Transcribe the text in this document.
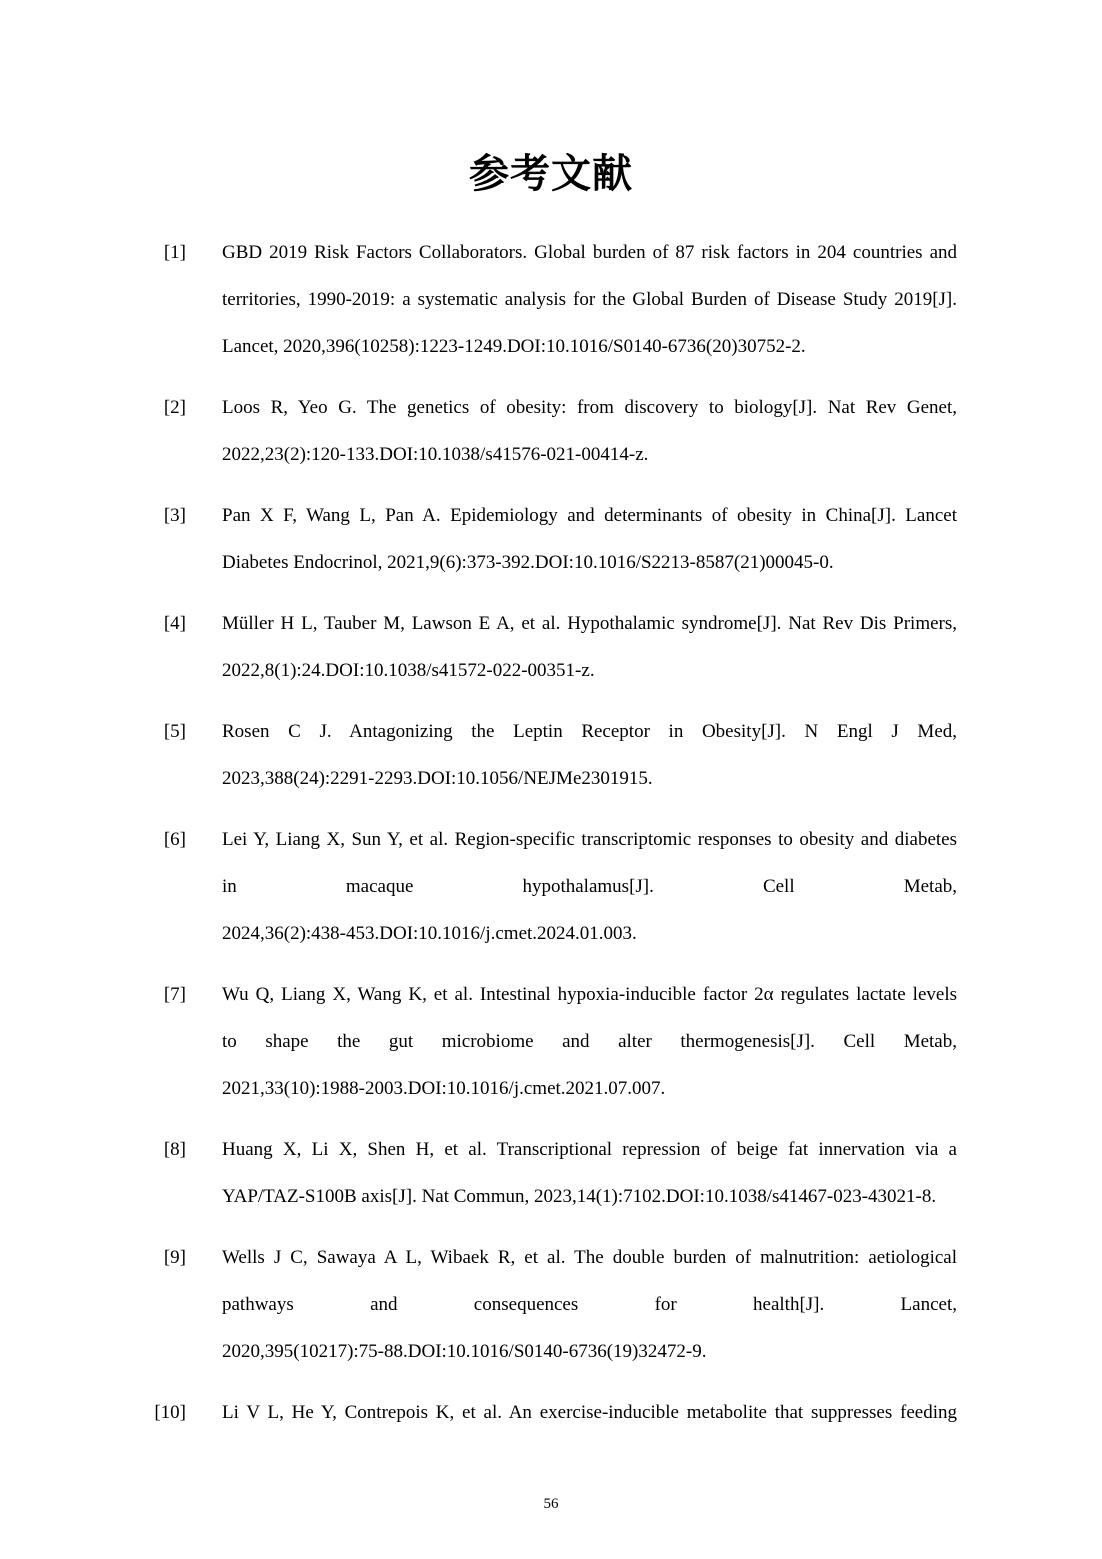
参考文献
[1] GBD 2019 Risk Factors Collaborators. Global burden of 87 risk factors in 204 countries and
territories, 1990-2019: a systematic analysis for the Global Burden of Disease Study 2019[J].
Lancet, 2020,396(10258):1223-1249.DOI:10.1016/S0140-6736(20)30752-2.
[2] Loos R, Yeo G. The genetics of obesity: from discovery to biology[J]. Nat Rev Genet,
2022,23(2):120-133.DOI:10.1038/s41576-021-00414-z.
[3] Pan X F, Wang L, Pan A. Epidemiology and determinants of obesity in China[J]. Lancet
Diabetes Endocrinol, 2021,9(6):373-392.DOI:10.1016/S2213-8587(21)00045-0.
[4] Müller H L, Tauber M, Lawson E A, et al. Hypothalamic syndrome[J]. Nat Rev Dis Primers,
2022,8(1):24.DOI:10.1038/s41572-022-00351-z.
[5] Rosen C J. Antagonizing the Leptin Receptor in Obesity[J]. N Engl J Med,
2023,388(24):2291-2293.DOI:10.1056/NEJMe2301915.
[6] Lei Y, Liang X, Sun Y, et al. Region-specific transcriptomic responses to obesity and diabetes
in macaque hypothalamus[J]. Cell Metab,
2024,36(2):438-453.DOI:10.1016/j.cmet.2024.01.003.
[7] Wu Q, Liang X, Wang K, et al. Intestinal hypoxia-inducible factor 2α regulates lactate levels
to shape the gut microbiome and alter thermogenesis[J]. Cell Metab,
2021,33(10):1988-2003.DOI:10.1016/j.cmet.2021.07.007.
[8] Huang X, Li X, Shen H, et al. Transcriptional repression of beige fat innervation via a
YAP/TAZ-S100B axis[J]. Nat Commun, 2023,14(1):7102.DOI:10.1038/s41467-023-43021-8.
[9] Wells J C, Sawaya A L, Wibaek R, et al. The double burden of malnutrition: aetiological
pathways and consequences for health[J]. Lancet,
2020,395(10217):75-88.DOI:10.1016/S0140-6736(19)32472-9.
[10] Li V L, He Y, Contrepois K, et al. An exercise-inducible metabolite that suppresses feeding
56
